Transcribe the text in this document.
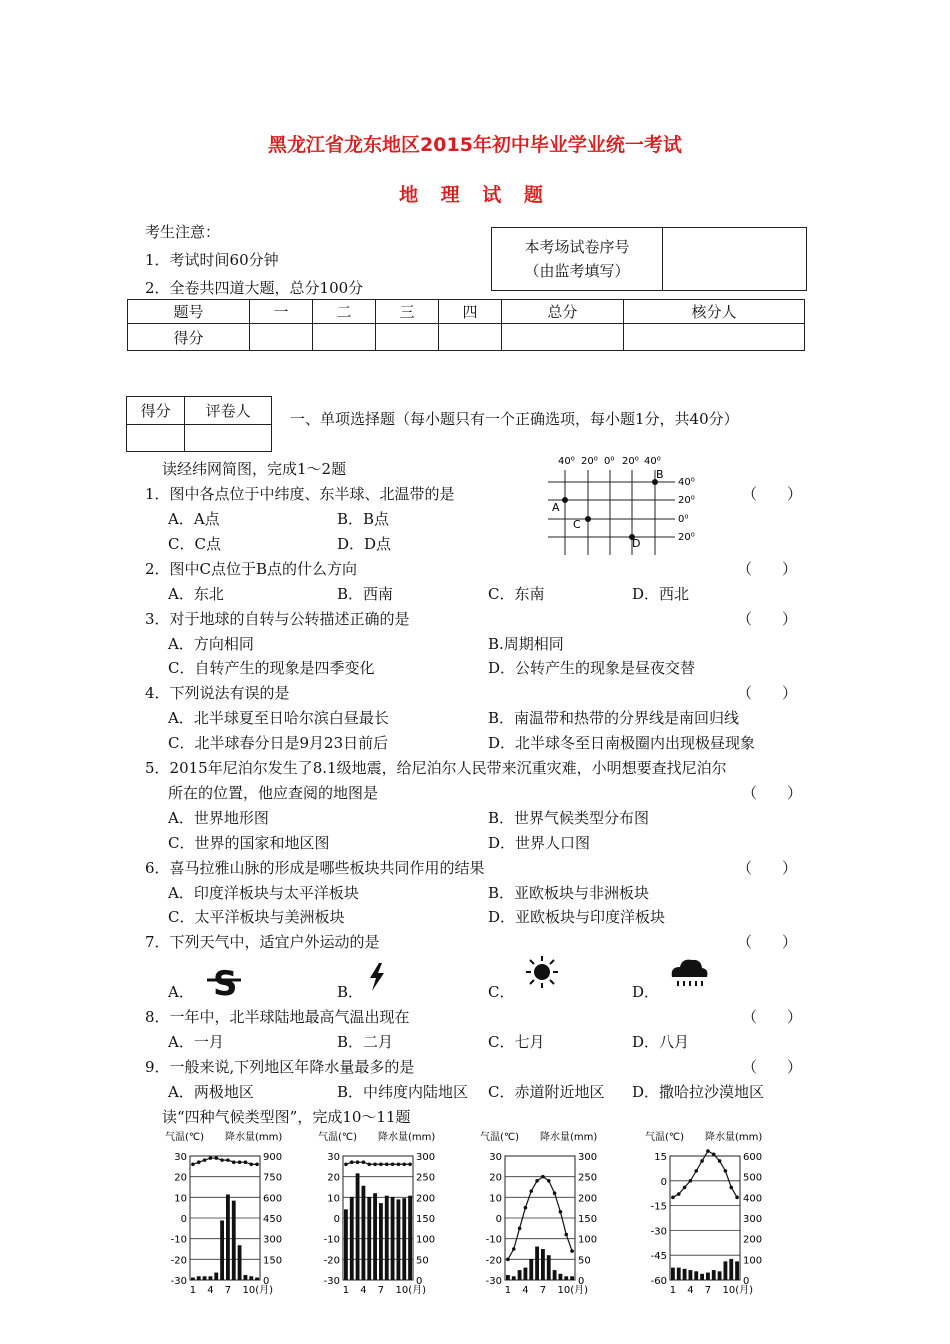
黑龙江省龙东地区2015年初中毕业学业统一考试
地 理 试 题
考生注意：
1．考试时间60分钟
2．全卷共四道大题，总分100分
本考场试卷序号
（由监考填写）

题号	一	二	三	四	总分	核分人
得分						
得分	评卷人
		一、单项选择题（每小题只有一个正确选项，每小题1分，共40分）
读经纬网简图，完成1～2题	40⁰ 20⁰ 0⁰ 20⁰ 40⁰
40⁰
20⁰
0⁰
20⁰
A
B
C
D
1．图中各点位于中纬度、东半球、北温带的是	（　　）
A．A点	B．B点
C．C点	D．D点
2．图中C点位于B点的什么方向	（　　）
A．东北	B．西南	C．东南	D．西北
3．对于地球的自转与公转描述正确的是	（　　）
A．方向相同	B.周期相同
C．自转产生的现象是四季变化	D．公转产生的现象是昼夜交替
4．下列说法有误的是	（　　）
A．北半球夏至日哈尔滨白昼最长	B．南温带和热带的分界线是南回归线
C．北半球春分日是9月23日前后	D．北半球冬至日南极圈内出现极昼现象
5．2015年尼泊尔发生了8.1级地震，给尼泊尔人民带来沉重灾难，小明想要查找尼泊尔
所在的位置，他应查阅的地图是	（　　）
A．世界地形图	B．世界气候类型分布图
C．世界的国家和地区图	D．世界人口图
6．喜马拉雅山脉的形成是哪些板块共同作用的结果	（　　）
A．印度洋板块与太平洋板块	B．亚欧板块与非洲板块
C．太平洋板块与美洲板块	D．亚欧板块与印度洋板块
7．下列天气中，适宜户外运动的是	（　　）
A．	B．	C．	D．
S
8．一年中，北半球陆地最高气温出现在	（　　）
A．一月	B．二月	C．七月	D．八月
9．一般来说,下列地区年降水量最多的是	（　　）
A．两极地区	B．中纬度内陆地区 C．赤道附近地区 D．撒哈拉沙漠地区
读“四种气候类型图”，完成10～11题
气温(℃) 降水量(mm)
30
20
10
0
-10
-20
-30
900
750
600
450
300
150
0
1 4 7 10(月)
气温(℃) 降水量(mm)
30
20
10
0
-10
-20
-30
300
250
200
150
100
50
0
1 4 7 10(月)
气温(℃) 降水量(mm)
30
20
10
0
-10
-20
-30
300
250
200
150
100
50
0
1 4 7 10(月)
气温(℃) 降水量(mm)
15
0
-15
-30
-45
-60
600
500
400
300
200
100
0
1 4 7 10(月)
